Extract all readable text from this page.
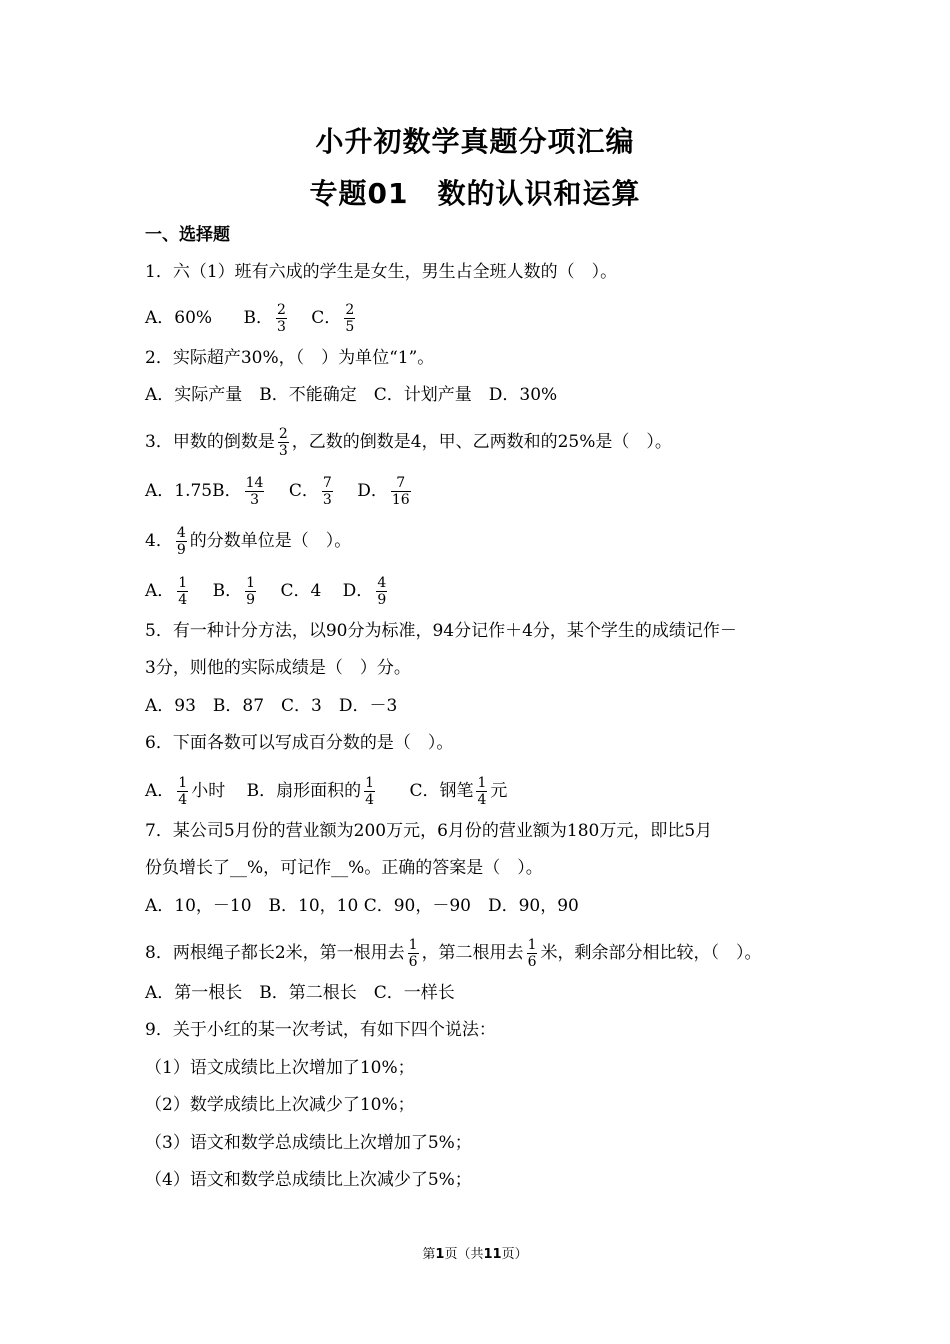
小升初数学真题分项汇编
专题01　数的认识和运算
一、选择题
1．六（1）班有六成的学生是女生，男生占全班人数的（　）。
A．60% B． $\frac{2}{3}$ C． $\frac{2}{5}$
2．实际超产30%，（　）为单位“1”。
A．实际产量　B．不能确定　C．计划产量　D．30%
3．甲数的倒数是 $\frac{2}{3}$ ，乙数的倒数是4，甲、乙两数和的25%是（　）。
A．1.75B． $\frac{14}{3}$ C． $\frac{7}{3}$ D． $\frac{7}{16}$
4． $\frac{4}{9}$ 的分数单位是（　）。
A． $\frac{1}{4}$ B． $\frac{1}{9}$ C．4 D． $\frac{4}{9}$
5．有一种计分方法，以90分为标准，94分记作＋4分，某个学生的成绩记作－
3分，则他的实际成绩是（　）分。
A．93　B．87　C．3　D．－3
6．下面各数可以写成百分数的是（　）。
A． $\frac{1}{4}$ 小时 B．扇形面积的 $\frac{1}{4}$ C．钢笔 $\frac{1}{4}$ 元
7．某公司5月份的营业额为200万元，6月份的营业额为180万元，即比5月
份负增长了__%，可记作__%。正确的答案是（　）。
A．10，－10　B．10，10 C．90，－90　D．90，90
8．两根绳子都长2米，第一根用去 $\frac{1}{6}$ ，第二根用去 $\frac{1}{6}$ 米，剩余部分相比较，（　）。
A．第一根长　B．第二根长　C．一样长
9．关于小红的某一次考试，有如下四个说法：
（1）语文成绩比上次增加了10%；
（2）数学成绩比上次减少了10%；
（3）语文和数学总成绩比上次增加了5%；
（4）语文和数学总成绩比上次减少了5%；
第1页（共11页）
